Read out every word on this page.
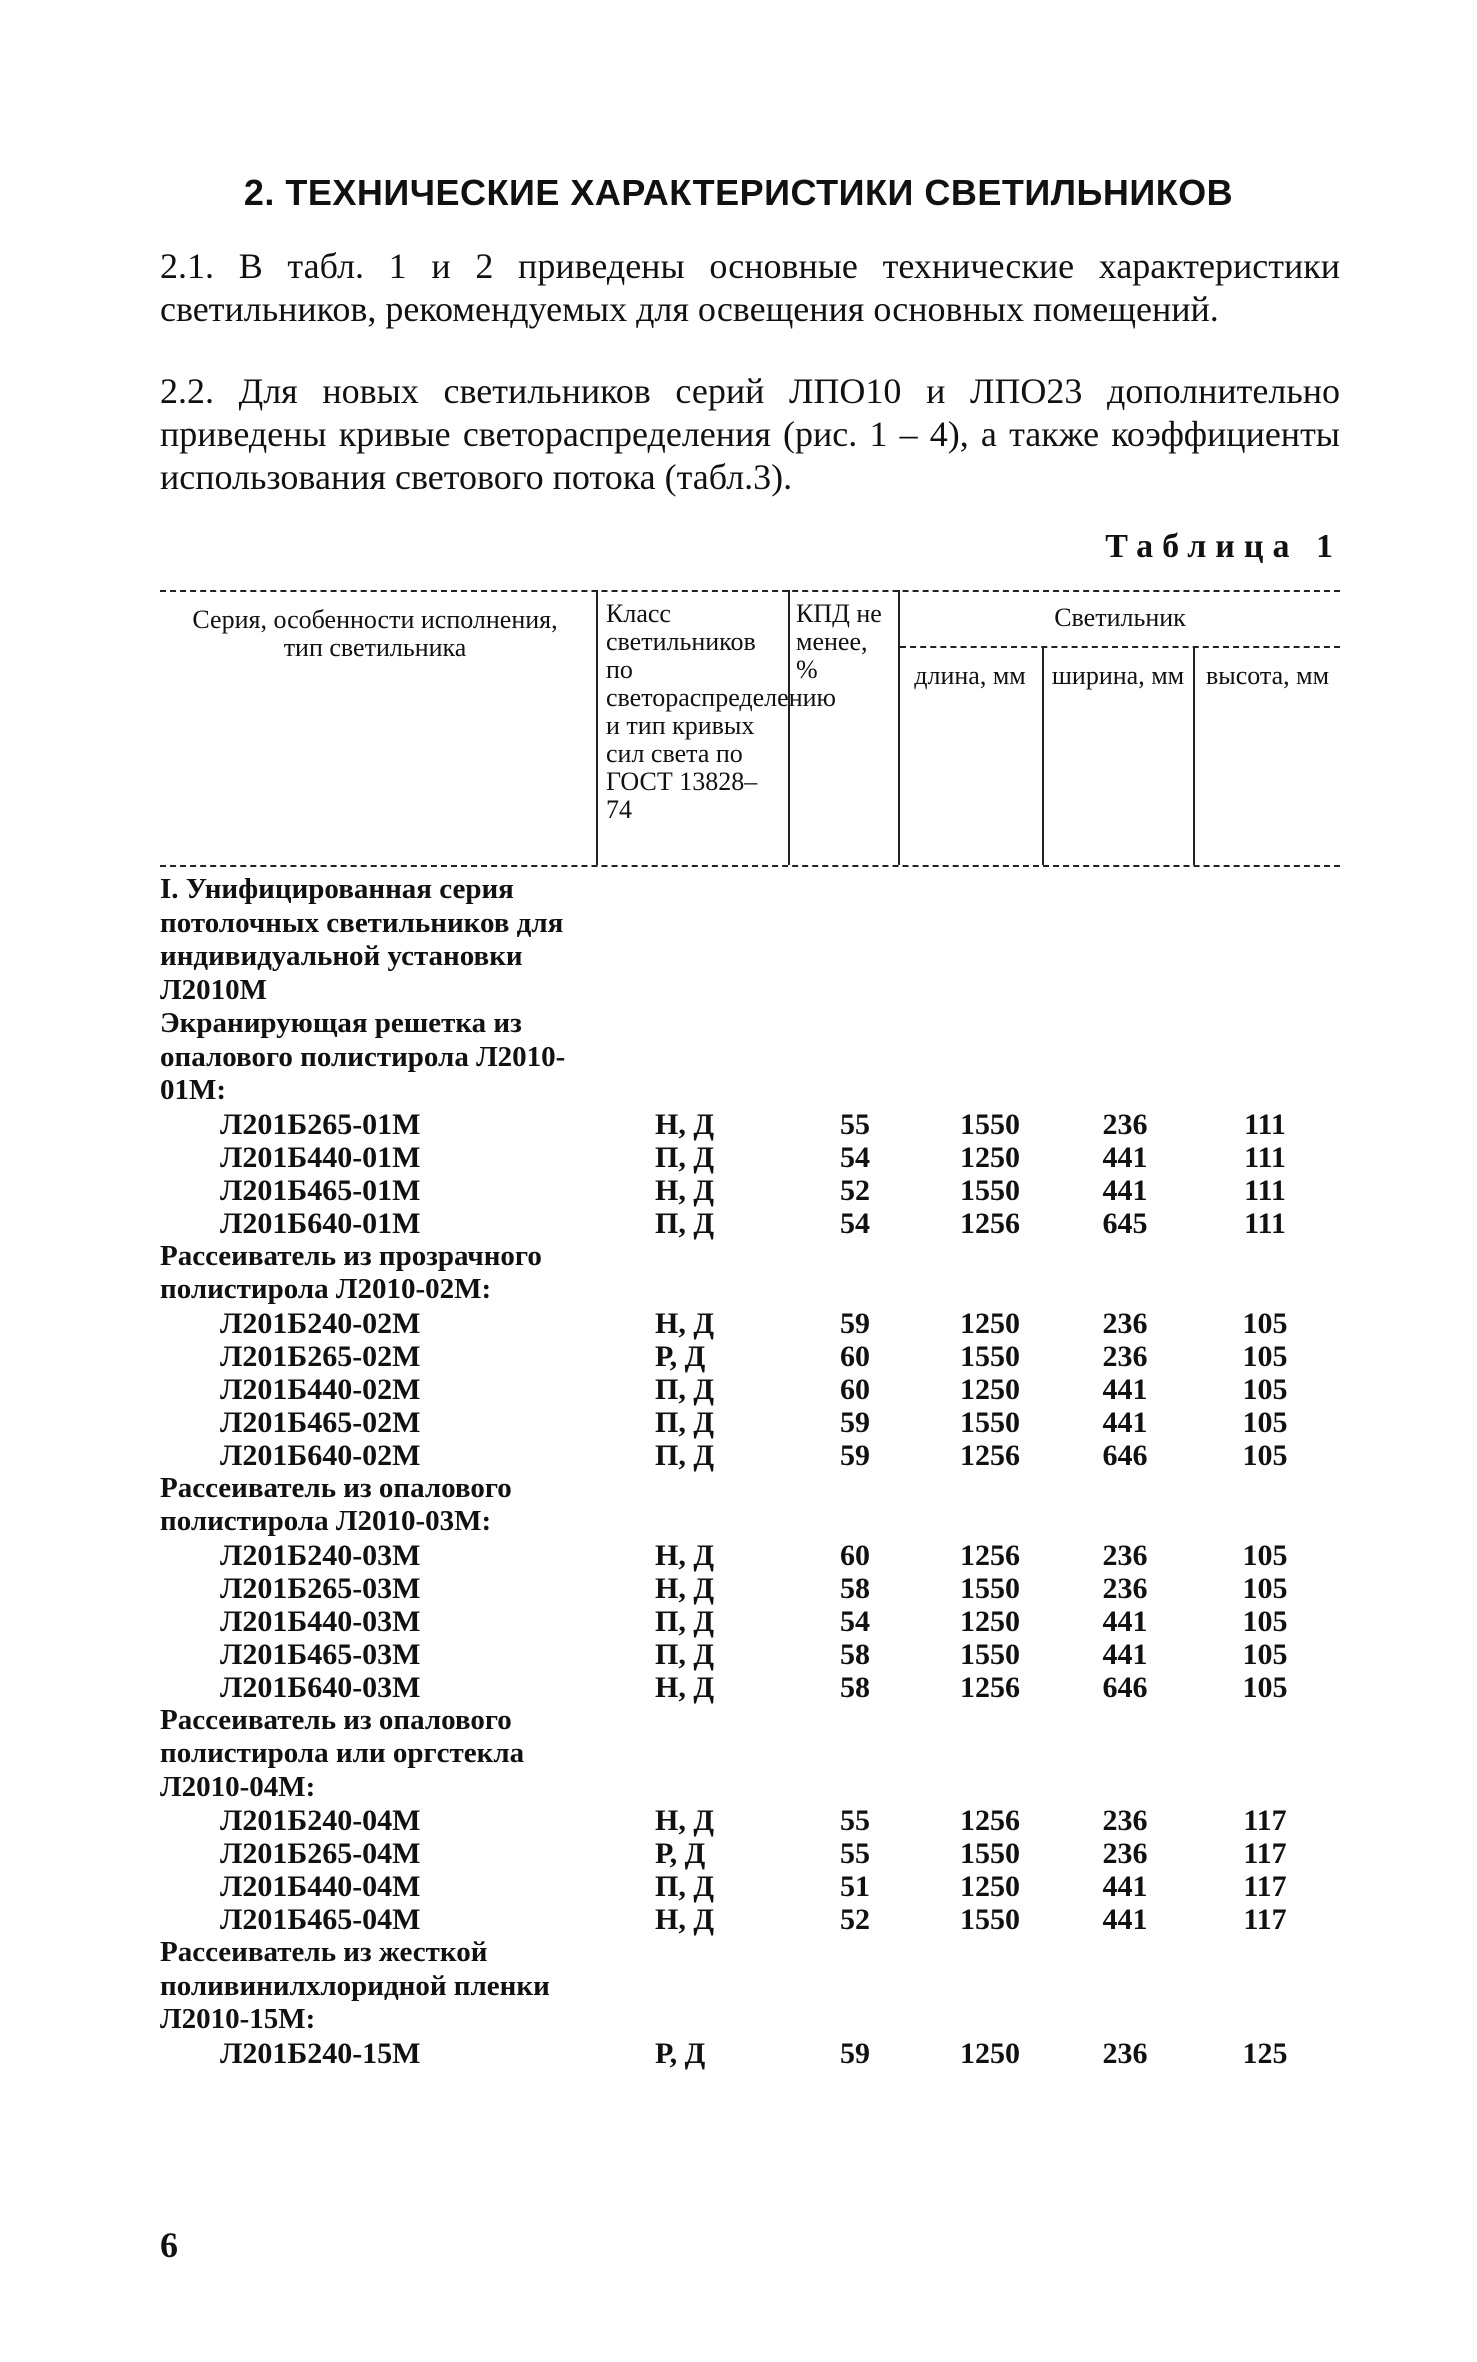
2. ТЕХНИЧЕСКИЕ ХАРАКТЕРИСТИКИ СВЕТИЛЬНИКОВ
2.1. В табл. 1 и 2 приведены основные технические характеристики светильников, рекомендуемых для освещения основных помещений.
2.2. Для новых светильников серий ЛПО10 и ЛПО23 дополнительно приведены кривые светораспределения (рис. 1 – 4), а также коэффициенты использования светового потока (табл.3).
Таблица 1
Серия, особенности исполнения, тип светильника
Класс светильников по светораспределению и тип кривых сил света по ГОСТ 13828–74
КПД не менее, %
Светильник
длина, мм	ширина, мм высота, мм
I. Унифицированная серия потолочных светильников для индивидуальной установки Л2010М
Экранирующая решетка из опалового полистирола Л2010-01М:
Л201Б265-01М	Н, Д	55	1550	236	111
Л201Б440-01М	П, Д	54	1250	441	111
Л201Б465-01М	Н, Д	52	1550	441	111
Л201Б640-01М	П, Д	54	1256	645	111
Рассеиватель из прозрачного полистирола Л2010-02М:
Л201Б240-02М	Н, Д	59	1250	236	105
Л201Б265-02М	Р, Д	60	1550	236	105
Л201Б440-02М	П, Д	60	1250	441	105
Л201Б465-02М	П, Д	59	1550	441	105
Л201Б640-02М	П, Д	59	1256	646	105
Рассеиватель из опалового полистирола Л2010-03М:
Л201Б240-03М	Н, Д	60	1256	236	105
Л201Б265-03М	Н, Д	58	1550	236	105
Л201Б440-03М	П, Д	54	1250	441	105
Л201Б465-03М	П, Д	58	1550	441	105
Л201Б640-03М	Н, Д	58	1256	646	105
Рассеиватель из опалового полистирола или оргстекла Л2010-04М:
Л201Б240-04М	Н, Д	55	1256	236	117
Л201Б265-04М	Р, Д	55	1550	236	117
Л201Б440-04М	П, Д	51	1250	441	117
Л201Б465-04М	Н, Д	52	1550	441	117
Рассеиватель из жесткой поливинилхлоридной пленки Л2010-15М:
Л201Б240-15М	Р, Д	59	1250	236	125
6
